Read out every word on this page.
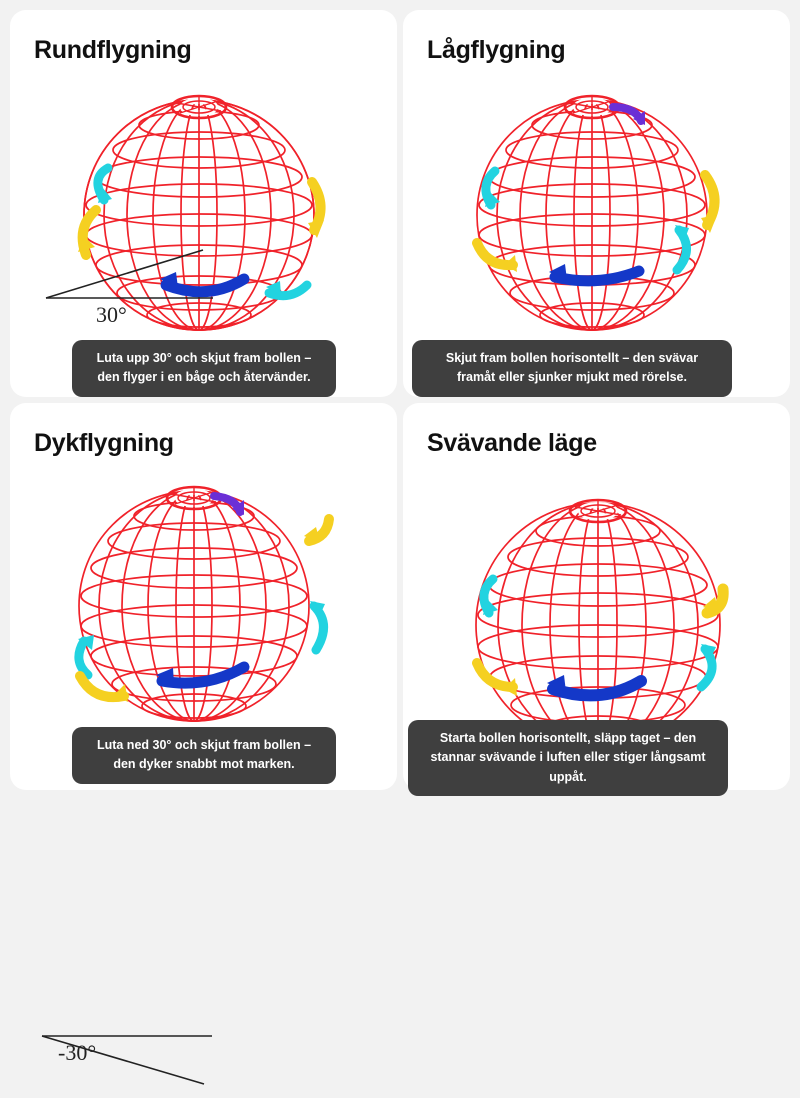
Rundflygning
30°
Lågflygning
Dykflygning
-30°
Svävande läge
Luta upp 30° och skjut fram bollen – den flyger i en båge och återvänder.
Skjut fram bollen horisontellt – den svävar framåt eller sjunker mjukt med rörelse.
Luta ned 30° och skjut fram bollen – den dyker snabbt mot marken.
Starta bollen horisontellt, släpp taget – den stannar svävande i luften eller stiger långsamt uppåt.
